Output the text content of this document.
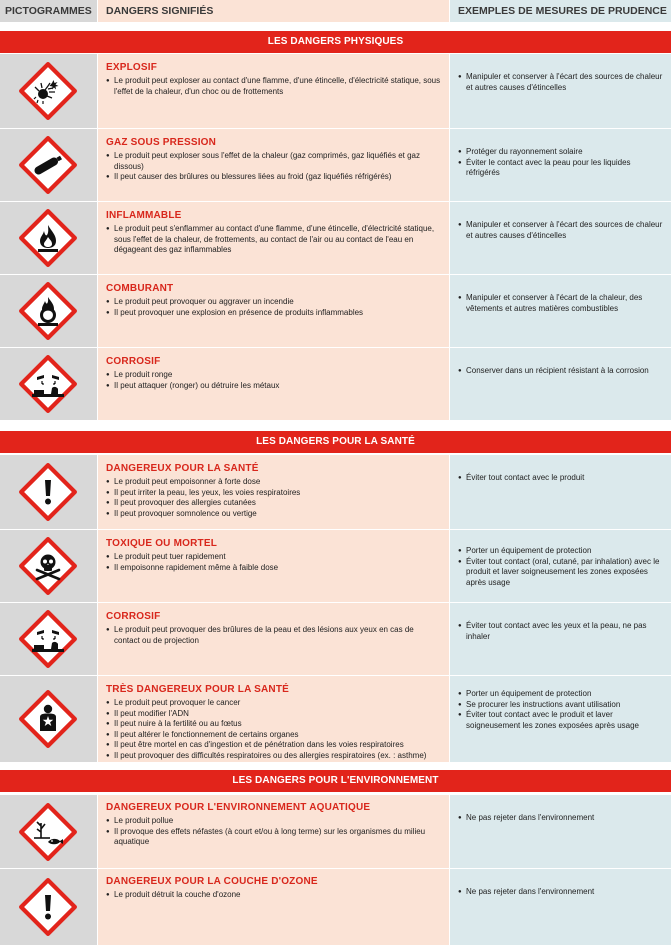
PICTOGRAMMES	DANGERS SIGNIFIÉS	EXEMPLES DE MESURES DE PRUDENCE
LES DANGERS PHYSIQUES
EXPLOSIF
● Le produit peut exploser au contact d'une flamme, d'une étincelle, d'électricité statique, sous l'effet de la chaleur, d'un choc ou de frottements
● Manipuler et conserver à l'écart des sources de chaleur et autres causes d'étincelles
GAZ SOUS PRESSION
● Le produit peut exploser sous l'effet de la chaleur (gaz comprimés, gaz liquéfiés et gaz dissous)
● Il peut causer des brûlures ou blessures liées au froid (gaz liquéfiés réfrigérés)
● Protéger du rayonnement solaire
● Éviter le contact avec la peau pour les liquides réfrigérés
INFLAMMABLE
● Le produit peut s'enflammer au contact d'une flamme, d'une étincelle, d'électricité statique, sous l'effet de la chaleur, de frottements, au contact de l'air ou au contact de l'eau en dégageant des gaz inflammables
● Manipuler et conserver à l'écart des sources de chaleur et autres causes d'étincelles
COMBURANT
● Le produit peut provoquer ou aggraver un incendie
● Il peut provoquer une explosion en présence de produits inflammables
● Manipuler et conserver à l'écart de la chaleur, des vêtements et autres matières combustibles
CORROSIF
● Le produit ronge
● Il peut attaquer (ronger) ou détruire les métaux
● Conserver dans un récipient résistant à la corrosion
LES DANGERS POUR LA SANTÉ
DANGEREUX POUR LA SANTÉ
● Le produit peut empoisonner à forte dose
● Il peut irriter la peau, les yeux, les voies respiratoires
● Il peut provoquer des allergies cutanées
● Il peut provoquer somnolence ou vertige
● Éviter tout contact avec le produit
TOXIQUE OU MORTEL
● Le produit peut tuer rapidement
● Il empoisonne rapidement même à faible dose
● Porter un équipement de protection
● Éviter tout contact (oral, cutané, par inhalation) avec le produit et laver soigneusement les zones exposées après usage
CORROSIF
● Le produit peut provoquer des brûlures de la peau et des lésions aux yeux en cas de contact ou de projection
● Éviter tout contact avec les yeux et la peau, ne pas inhaler
TRÈS DANGEREUX POUR LA SANTÉ
● Le produit peut provoquer le cancer
● Il peut modifier l'ADN
● Il peut nuire à la fertilité ou au fœtus
● Il peut altérer le fonctionnement de certains organes
● Il peut être mortel en cas d'ingestion et de pénétration dans les voies respiratoires
● Il peut provoquer des difficultés respiratoires ou des allergies respiratoires (ex. : asthme)
● Porter un équipement de protection
● Se procurer les instructions avant utilisation
● Éviter tout contact avec le produit et laver soigneusement les zones exposées après usage
LES DANGERS POUR L'ENVIRONNEMENT
DANGEREUX POUR L'ENVIRONNEMENT AQUATIQUE
● Le produit pollue
● Il provoque des effets néfastes (à court et/ou à long terme) sur les organismes du milieu aquatique
● Ne pas rejeter dans l'environnement
DANGEREUX POUR LA COUCHE D'OZONE
● Le produit détruit la couche d'ozone
●	Ne pas rejeter dans l'environnement
